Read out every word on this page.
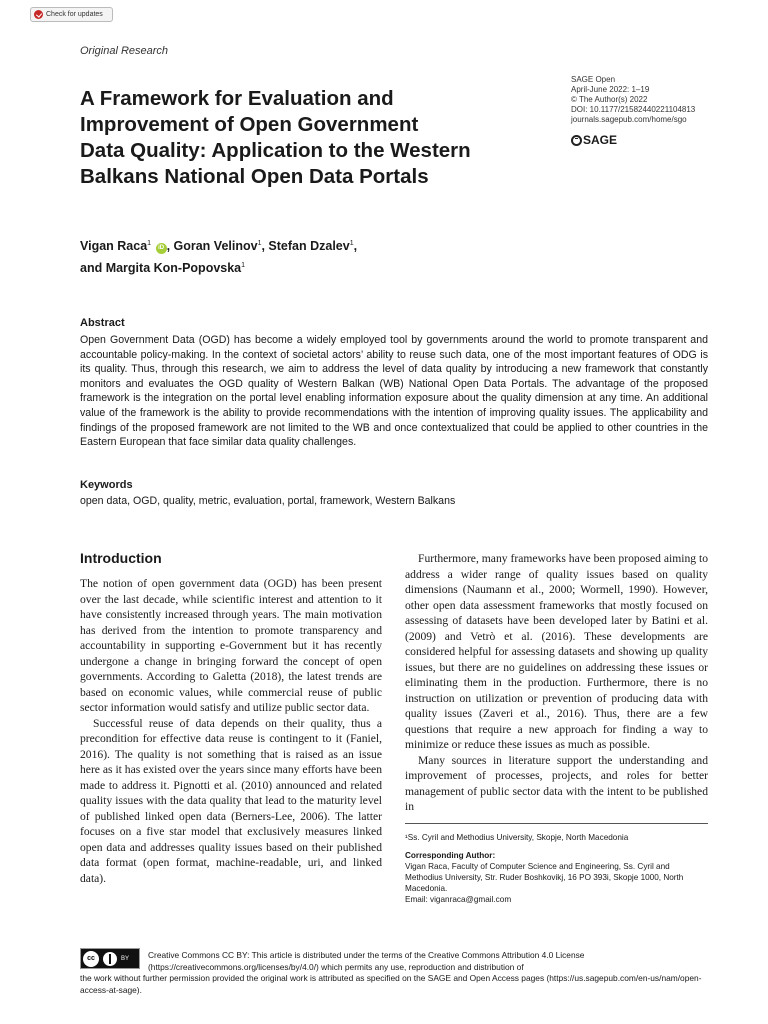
Check for updates
Original Research
A Framework for Evaluation and
Improvement of Open Government
Data Quality: Application to the Western
Balkans National Open Data Portals
SAGE Open
April-June 2022: 1–19
© The Author(s) 2022
DOI: 10.1177/21582440221104813
journals.sagepub.com/home/sgo
SAGE
Vigan Raca$^1$ iD , Goran Velinov$^1$, Stefan Dzalev$^1$,
and Margita Kon-Popovska$^1$
Abstract

Open Government Data (OGD) has become a widely employed tool by governments around the world to promote transparent and accountable policy-making. In the context of societal actors’ ability to reuse such data, one of the most important features of ODG is its quality. Thus, through this research, we aim to address the level of data quality by introducing a new framework that constantly monitors and evaluates the OGD quality of Western Balkan (WB) National Open Data Portals. The advantage of the proposed framework is the integration on the portal level enabling information exposure about the quality dimension at any time. An additional value of the framework is the ability to provide recommendations with the intention of improving quality issues. The applicability and findings of the proposed framework are not limited to the WB and once contextualized that could be applied to other countries in the Eastern European that face similar data quality challenges.

Keywords
open data, OGD, quality, metric, evaluation, portal, framework, Western Balkans
Introduction

The notion of open government data (OGD) has been present over the last decade, while scientific interest and attention to it have consistently increased through years. The main motivation has derived from the intention to promote transparency and accountability in supporting e-Government but it has recently undergone a change in bringing forward the concept of open governments. According to Galetta (2018), the latest trends are based on economic values, while commercial reuse of public sector information would satisfy and utilize public sector data.

Successful reuse of data depends on their quality, thus a precondition for effective data reuse is contingent to it (Faniel, 2016). The quality is not something that is raised as an issue here as it has existed over the years since many efforts have been made to address it. Pignotti et al. (2010) announced and related quality issues with the data quality that lead to the maturity level of published linked open data (Berners-Lee, 2006). The latter focuses on a five star model that exclusively measures linked open data and addresses quality issues based on their published data format (open format, machine-readable, uri, and linked data).

Furthermore, many frameworks have been proposed aiming to address a wider range of quality issues based on quality dimensions (Naumann et al., 2000; Wormell, 1990). However, other open data assessment frameworks that mostly focused on assessing of datasets have been developed later by Batini et al. (2009) and Vetrò et al. (2016). These developments are considered helpful for assessing datasets and showing up quality issues, but there are no guidelines on addressing these issues or eliminating them in the production. Furthermore, there is no instruction on utilization or prevention of producing data with quality issues (Zaveri et al., 2016). Thus, there are a few questions that require a new approach for finding a way to minimize or reduce these issues as much as possible.

Many sources in literature support the understanding and improvement of processes, projects, and roles for better management of public sector data with the intent to be published in

¹Ss. Cyril and Methodius University, Skopje, North Macedonia

Corresponding Author:

Vigan Raca, Faculty of Computer Science and Engineering, Ss. Cyril and Methodius University, Str. Ruder Boshkovikj, 16 PO 393i, Skopje 1000, North Macedonia.

Email: viganraca@gmail.com

cc	BY	Creative Commons CC BY: This article is distributed under the terms of the Creative Commons Attribution 4.0 License (https://creativecommons.org/licenses/by/4.0/) which permits any use, reproduction and distribution of
the work without further permission provided the original work is attributed as specified on the SAGE and Open Access pages (https://us.sagepub.com/en-us/nam/open-access-at-sage).
